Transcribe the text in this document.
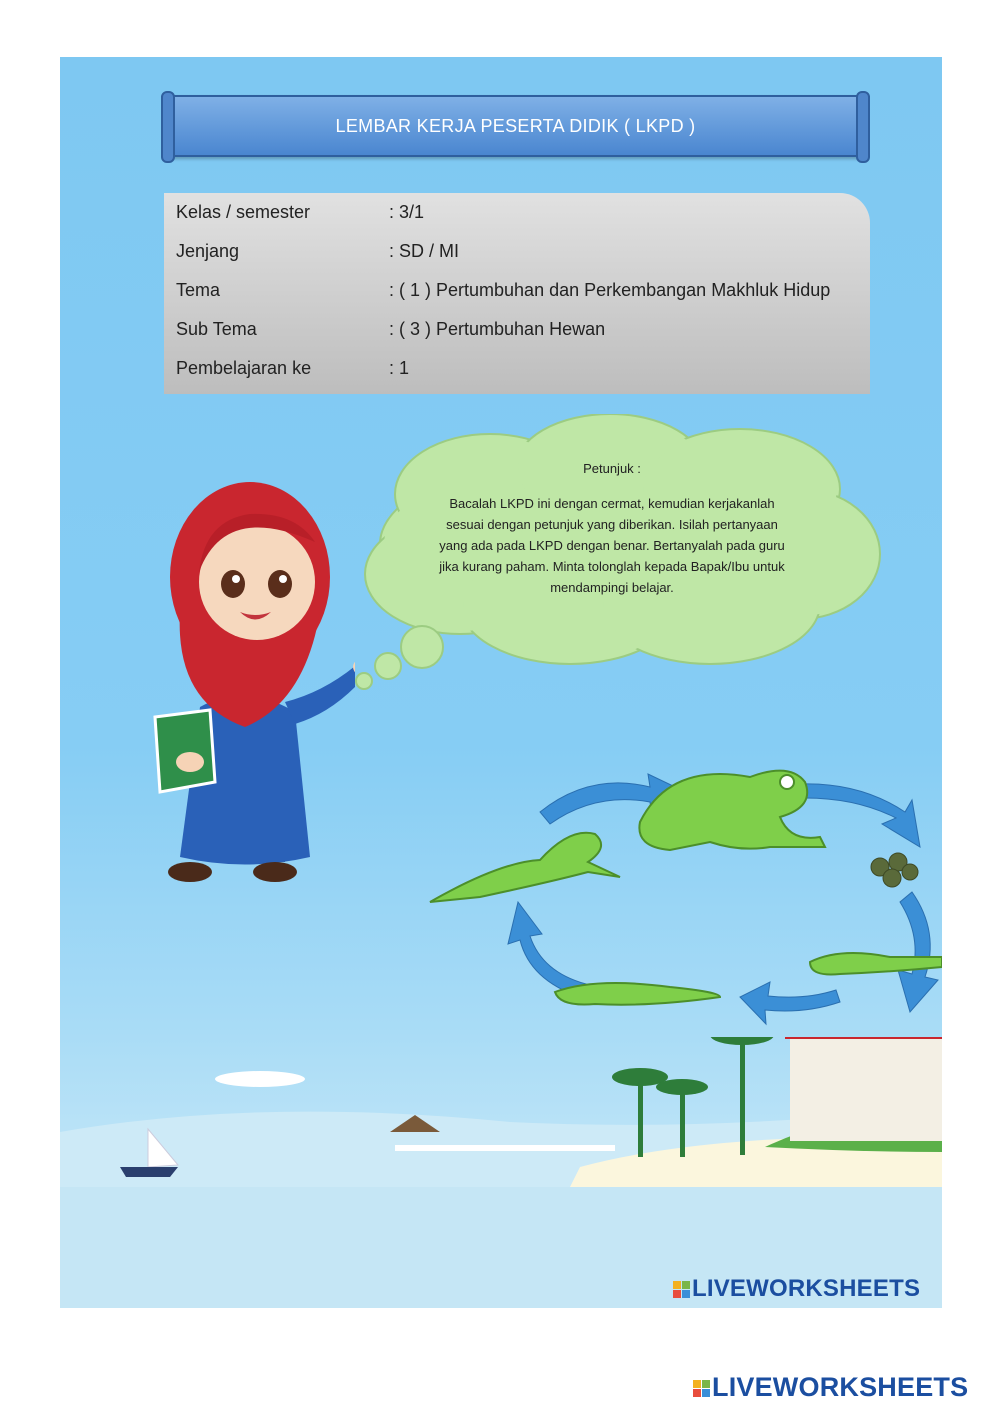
LEMBAR KERJA PESERTA DIDIK ( LKPD )
Kelas / semester	: 3/1
Jenjang	: SD / MI
Tema	: ( 1 ) Pertumbuhan dan Perkembangan Makhluk Hidup
Sub Tema	: ( 3 ) Pertumbuhan Hewan
Pembelajaran ke	: 1
Petunjuk :
Bacalah LKPD ini dengan cermat, kemudian kerjakanlah sesuai dengan petunjuk yang diberikan. Isilah pertanyaan yang ada pada LKPD dengan benar. Bertanyalah pada guru jika kurang paham. Minta tolonglah kepada Bapak/Ibu untuk mendampingi belajar.
LIVEWORKSHEETS
LIVEWORKSHEETS
